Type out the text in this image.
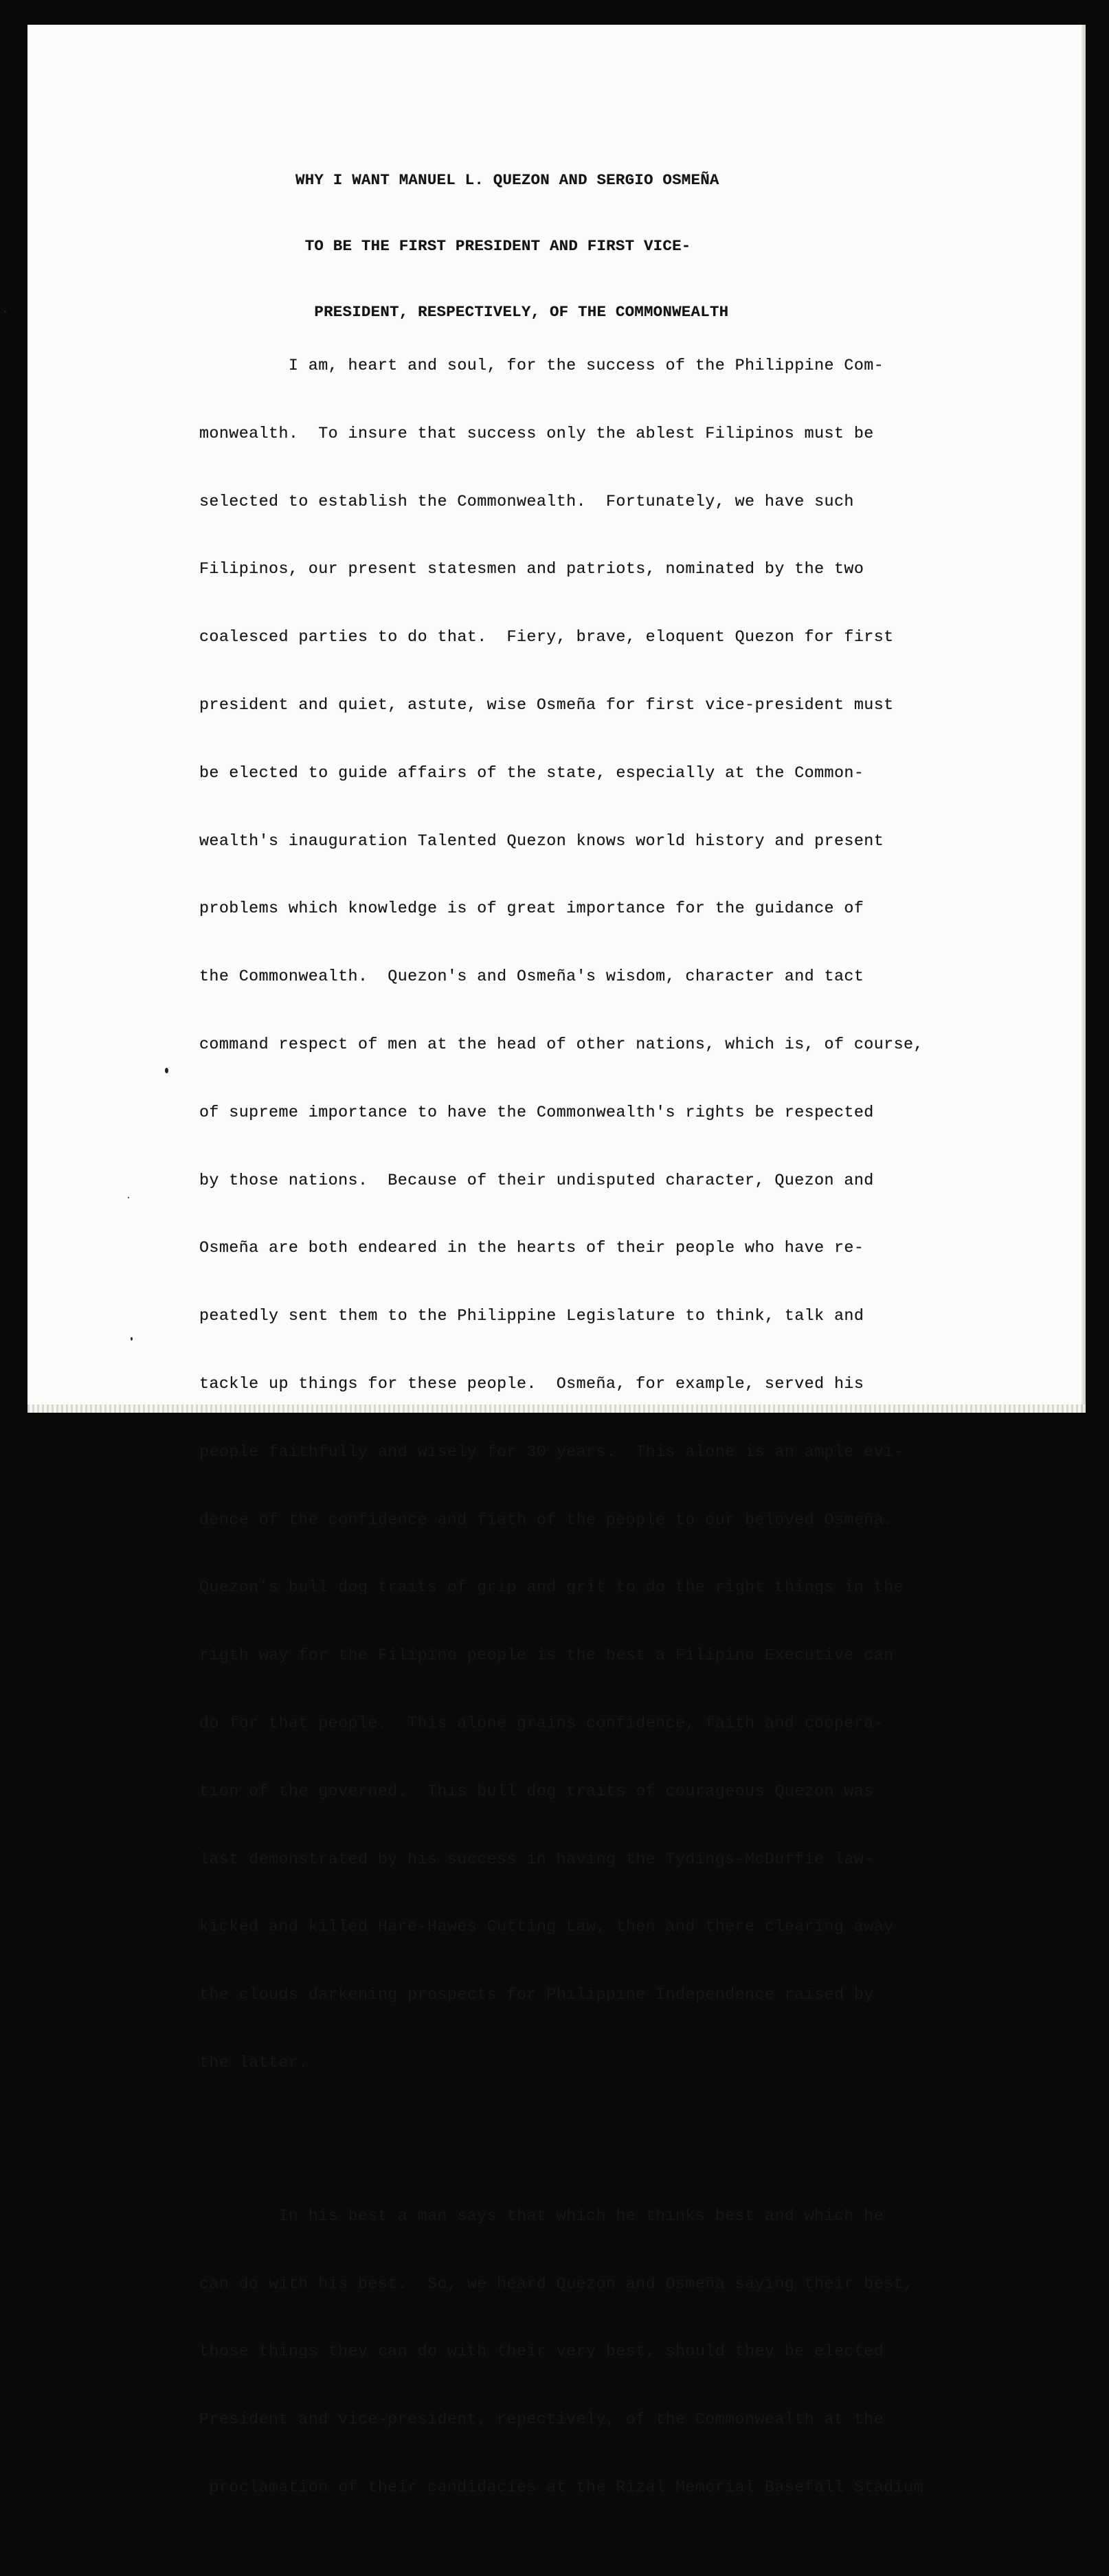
WHY I WANT MANUEL L. QUEZON AND SERGIO OSMEÑA

TO BE THE FIRST PRESIDENT AND FIRST VICE-

PRESIDENT, RESPECTIVELY, OF THE COMMONWEALTH

I am, heart and soul, for the success of the Philippine Com-

monwealth.  To insure that success only the ablest Filipinos must be

selected to establish the Commonwealth.  Fortunately, we have such

Filipinos, our present statesmen and patriots, nominated by the two

coalesced parties to do that.  Fiery, brave, eloquent Quezon for first

president and quiet, astute, wise Osmeña for first vice-president must

be elected to guide affairs of the state, especially at the Common-

wealth's inauguration Talented Quezon knows world history and present

problems which knowledge is of great importance for the guidance of

the Commonwealth.  Quezon's and Osmeña's wisdom, character and tact

command respect of men at the head of other nations, which is, of course,

of supreme importance to have the Commonwealth's rights be respected

by those nations.  Because of their undisputed character, Quezon and

Osmeña are both endeared in the hearts of their people who have re-

peatedly sent them to the Philippine Legislature to think, talk and

tackle up things for these people.  Osmeña, for example, served his

people faithfully and wisely for 30 years.  This alone is an ample evi-

dence of the confidence and fiath of the people to our beloved Osmeña.

Quezon's bull dog traits of grip and grit to do the right things in the

rigth way for the Filipino people is the best a Filipino Executive can

do for that people.  This alone grains confidence, faith and coopera-

tion of the governed.  This bull dog traits of courageous Quezon was

last demonstrated by his success in having the Tydings-McDuffie law-

kicked and killed Hare-Hawes Cutting Law, then and there clearing away

the clouds darkening prospects for Philippine Independence raised by

the latter.

In his best a man says that which he thinks best and which he

can do with his best.  So, we heard Quezon and Osmeña saying their best,

those things they can do with their very best, should they be elected

President and vice-president, repectively, of the Commonwealth at the

proclamation of their candidacies at the Rizal Memorial Basefall Stadium
